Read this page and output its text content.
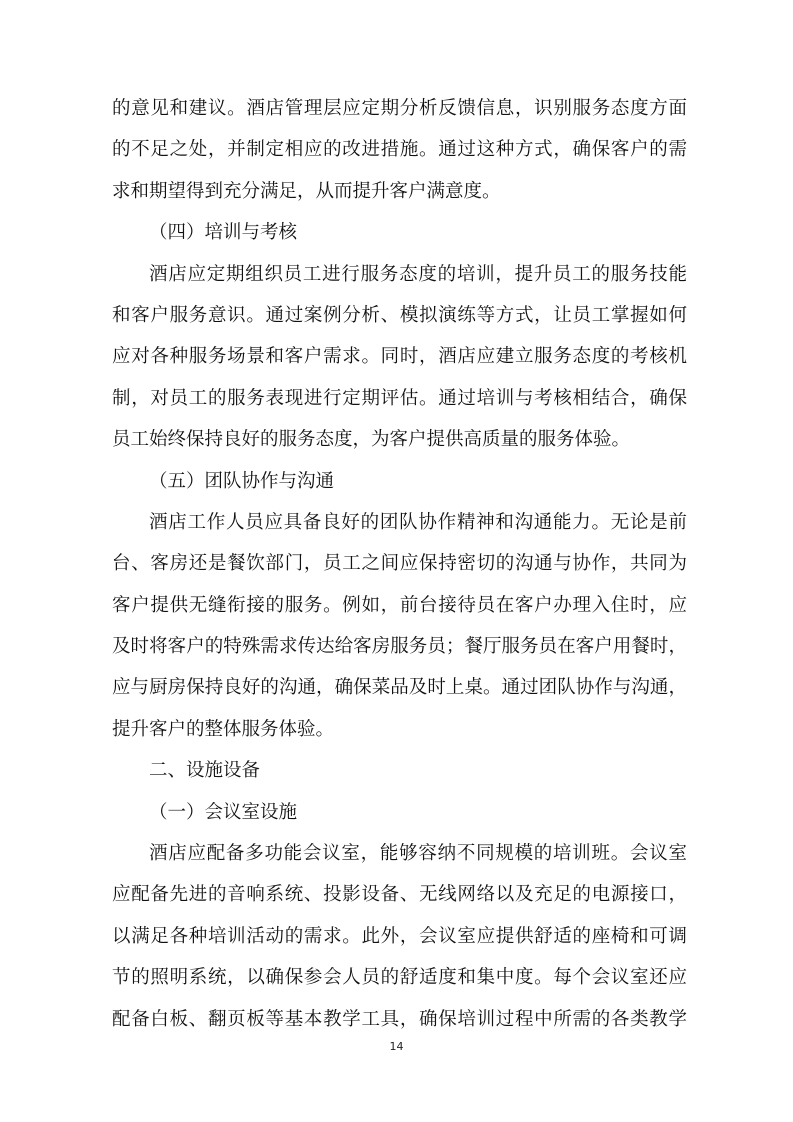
的意见和建议。酒店管理层应定期分析反馈信息，识别服务态度方面
的不足之处，并制定相应的改进措施。通过这种方式，确保客户的需
求和期望得到充分满足，从而提升客户满意度。
（四）培训与考核
酒店应定期组织员工进行服务态度的培训，提升员工的服务技能
和客户服务意识。通过案例分析、模拟演练等方式，让员工掌握如何
应对各种服务场景和客户需求。同时，酒店应建立服务态度的考核机
制，对员工的服务表现进行定期评估。通过培训与考核相结合，确保
员工始终保持良好的服务态度，为客户提供高质量的服务体验。
（五）团队协作与沟通
酒店工作人员应具备良好的团队协作精神和沟通能力。无论是前
台、客房还是餐饮部门，员工之间应保持密切的沟通与协作，共同为
客户提供无缝衔接的服务。例如，前台接待员在客户办理入住时，应
及时将客户的特殊需求传达给客房服务员；餐厅服务员在客户用餐时，
应与厨房保持良好的沟通，确保菜品及时上桌。通过团队协作与沟通，
提升客户的整体服务体验。
二、设施设备
（一）会议室设施
酒店应配备多功能会议室，能够容纳不同规模的培训班。会议室
应配备先进的音响系统、投影设备、无线网络以及充足的电源接口，
以满足各种培训活动的需求。此外，会议室应提供舒适的座椅和可调
节的照明系统，以确保参会人员的舒适度和集中度。每个会议室还应
配备白板、翻页板等基本教学工具，确保培训过程中所需的各类教学
14
